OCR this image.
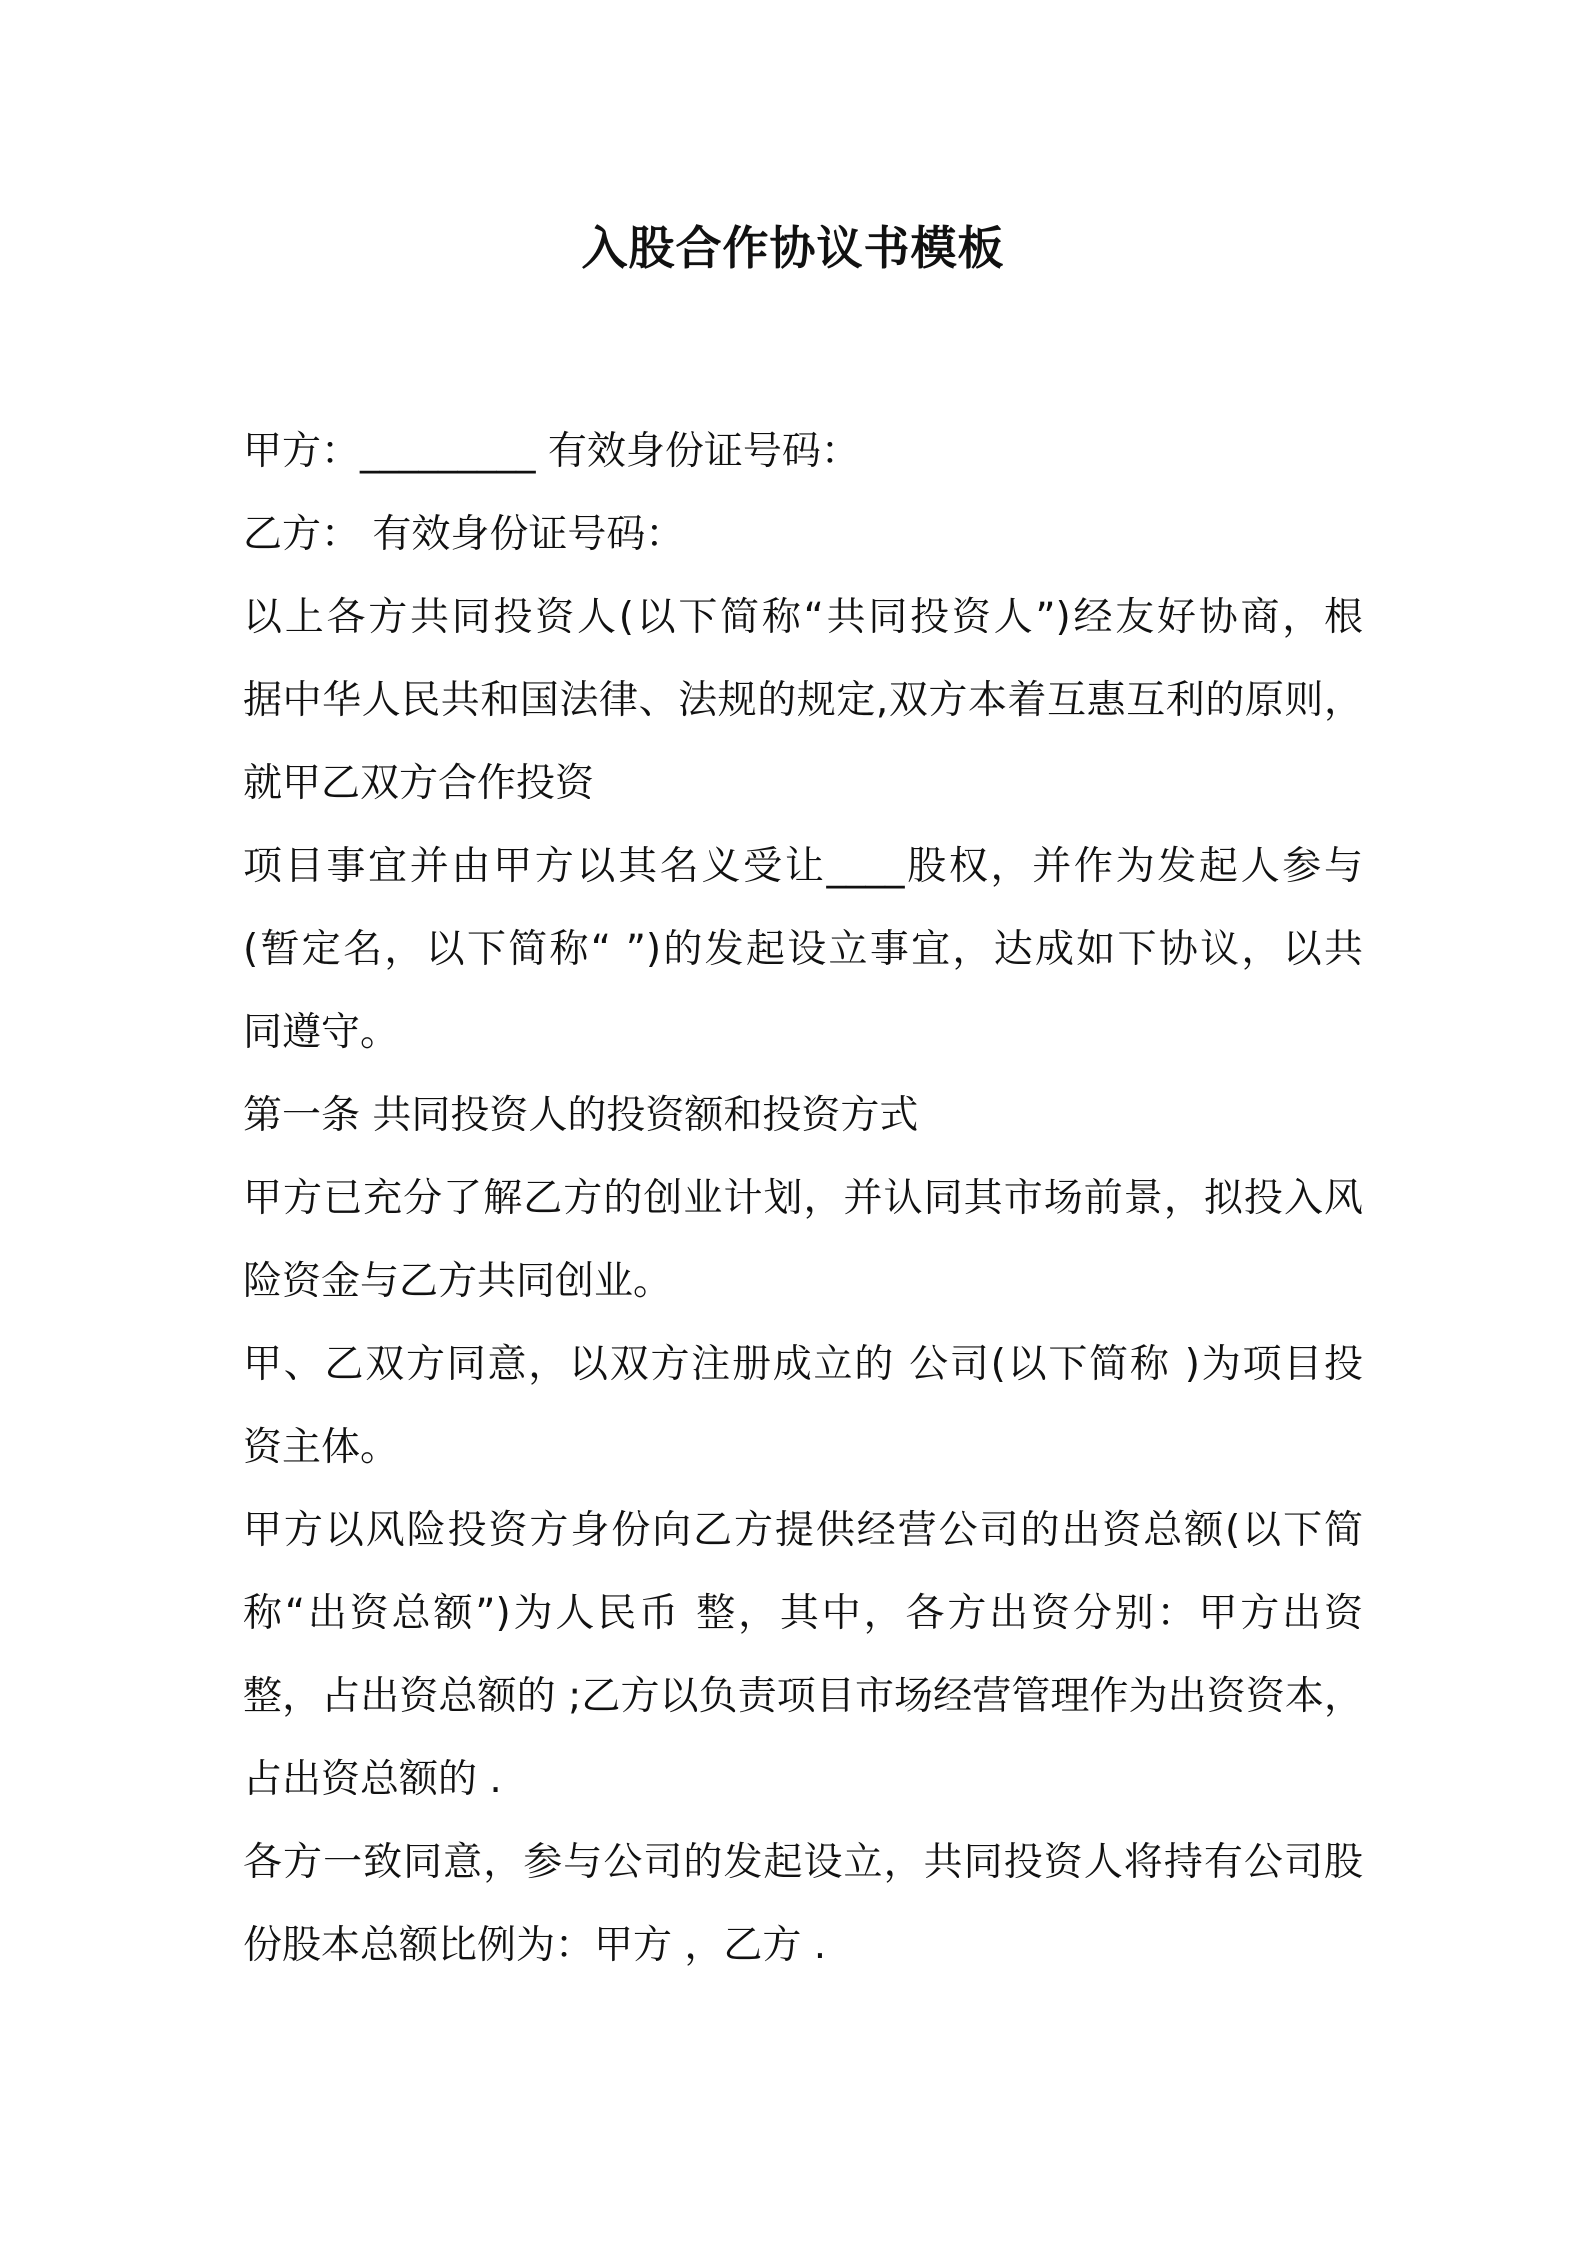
入股合作协议书模板
甲方：_________ 有效身份证号码：
乙方： 有效身份证号码：
以上各方共同投资人(以下简称“共同投资人”)经友好协商，根
据中华人民共和国法律、法规的规定,双方本着互惠互利的原则，
就甲乙双方合作投资
项目事宜并由甲方以其名义受让____股权，并作为发起人参与
(暂定名，以下简称“ ”)的发起设立事宜，达成如下协议，以共
同遵守。
第一条 共同投资人的投资额和投资方式
甲方已充分了解乙方的创业计划，并认同其市场前景，拟投入风
险资金与乙方共同创业。
甲、乙双方同意，以双方注册成立的 公司(以下简称 )为项目投
资主体。
甲方以风险投资方身份向乙方提供经营公司的出资总额(以下简
称“出资总额”)为人民币 整，其中，各方出资分别：甲方出资
整，占出资总额的 ;乙方以负责项目市场经营管理作为出资资本，
占出资总额的 .
各方一致同意，参与公司的发起设立，共同投资人将持有公司股
份股本总额比例为：甲方 ，乙方 .
